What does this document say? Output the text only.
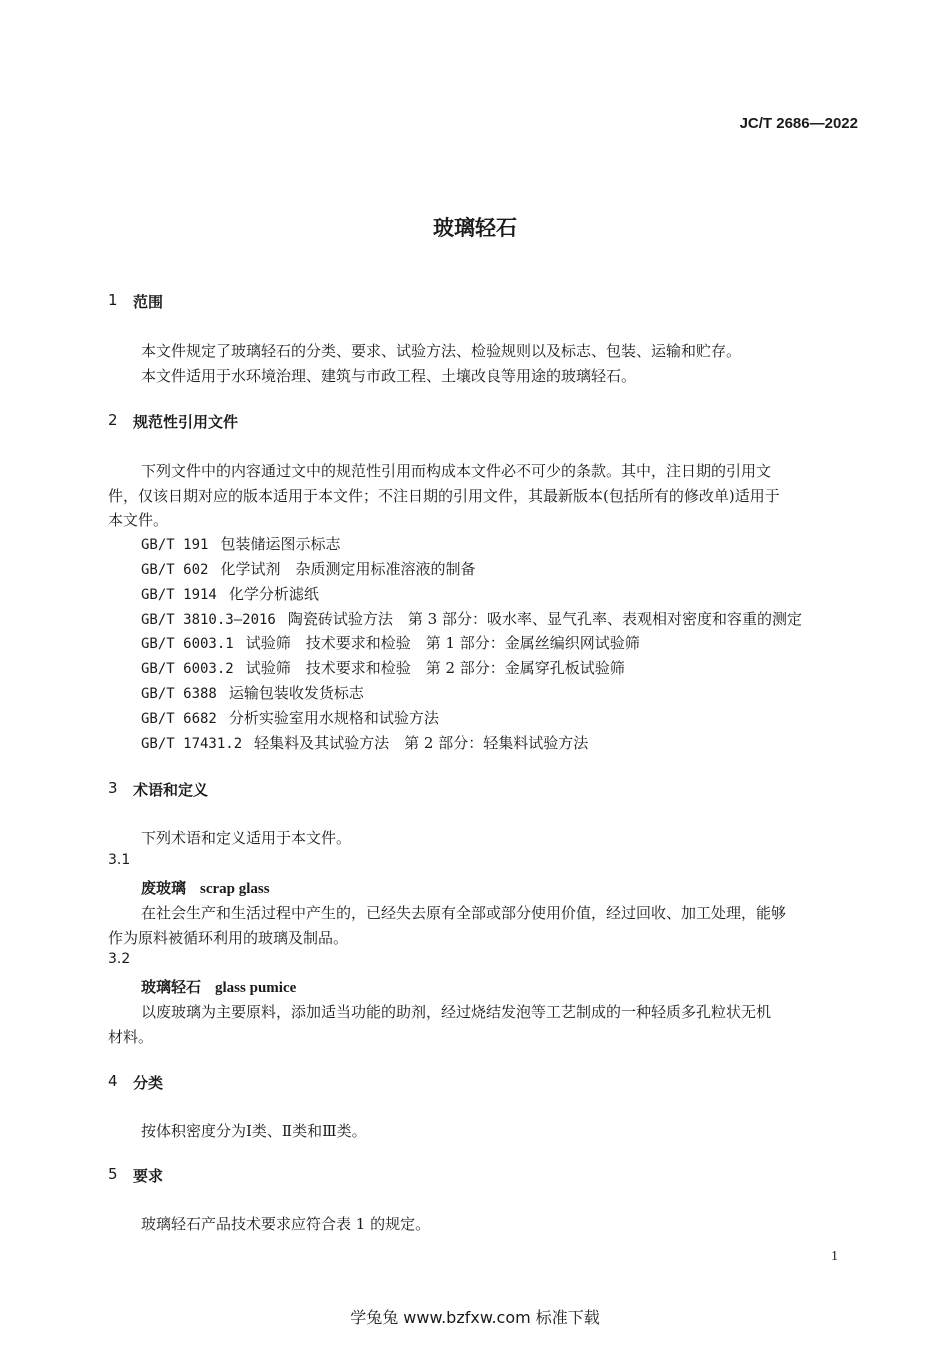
JC/T 2686—2022
玻璃轻石
1 范围
本文件规定了玻璃轻石的分类、要求、试验方法、检验规则以及标志、包装、运输和贮存。
本文件适用于水环境治理、建筑与市政工程、土壤改良等用途的玻璃轻石。
2 规范性引用文件
下列文件中的内容通过文中的规范性引用而构成本文件必不可少的条款。其中，注日期的引用文
件，仅该日期对应的版本适用于本文件；不注日期的引用文件，其最新版本(包括所有的修改单)适用于
本文件。
GB/T 191 包装储运图示标志
GB/T 602 化学试剂　杂质测定用标准溶液的制备
GB/T 1914 化学分析滤纸
GB/T 3810.3—2016 陶瓷砖试验方法　第 3 部分：吸水率、显气孔率、表观相对密度和容重的测定
GB/T 6003.1 试验筛　技术要求和检验　第 1 部分：金属丝编织网试验筛
GB/T 6003.2 试验筛　技术要求和检验　第 2 部分：金属穿孔板试验筛
GB/T 6388 运输包装收发货标志
GB/T 6682 分析实验室用水规格和试验方法
GB/T 17431.2 轻集料及其试验方法　第 2 部分：轻集料试验方法
3 术语和定义
下列术语和定义适用于本文件。
3.1
废玻璃 scrap glass
在社会生产和生活过程中产生的，已经失去原有全部或部分使用价值，经过回收、加工处理，能够
作为原料被循环利用的玻璃及制品。
3.2
玻璃轻石 glass pumice
以废玻璃为主要原料，添加适当功能的助剂，经过烧结发泡等工艺制成的一种轻质多孔粒状无机
材料。
4 分类
按体积密度分为Ⅰ类、Ⅱ类和Ⅲ类。
5 要求
玻璃轻石产品技术要求应符合表 1 的规定。
1
学兔兔 www.bzfxw.com 标准下载
